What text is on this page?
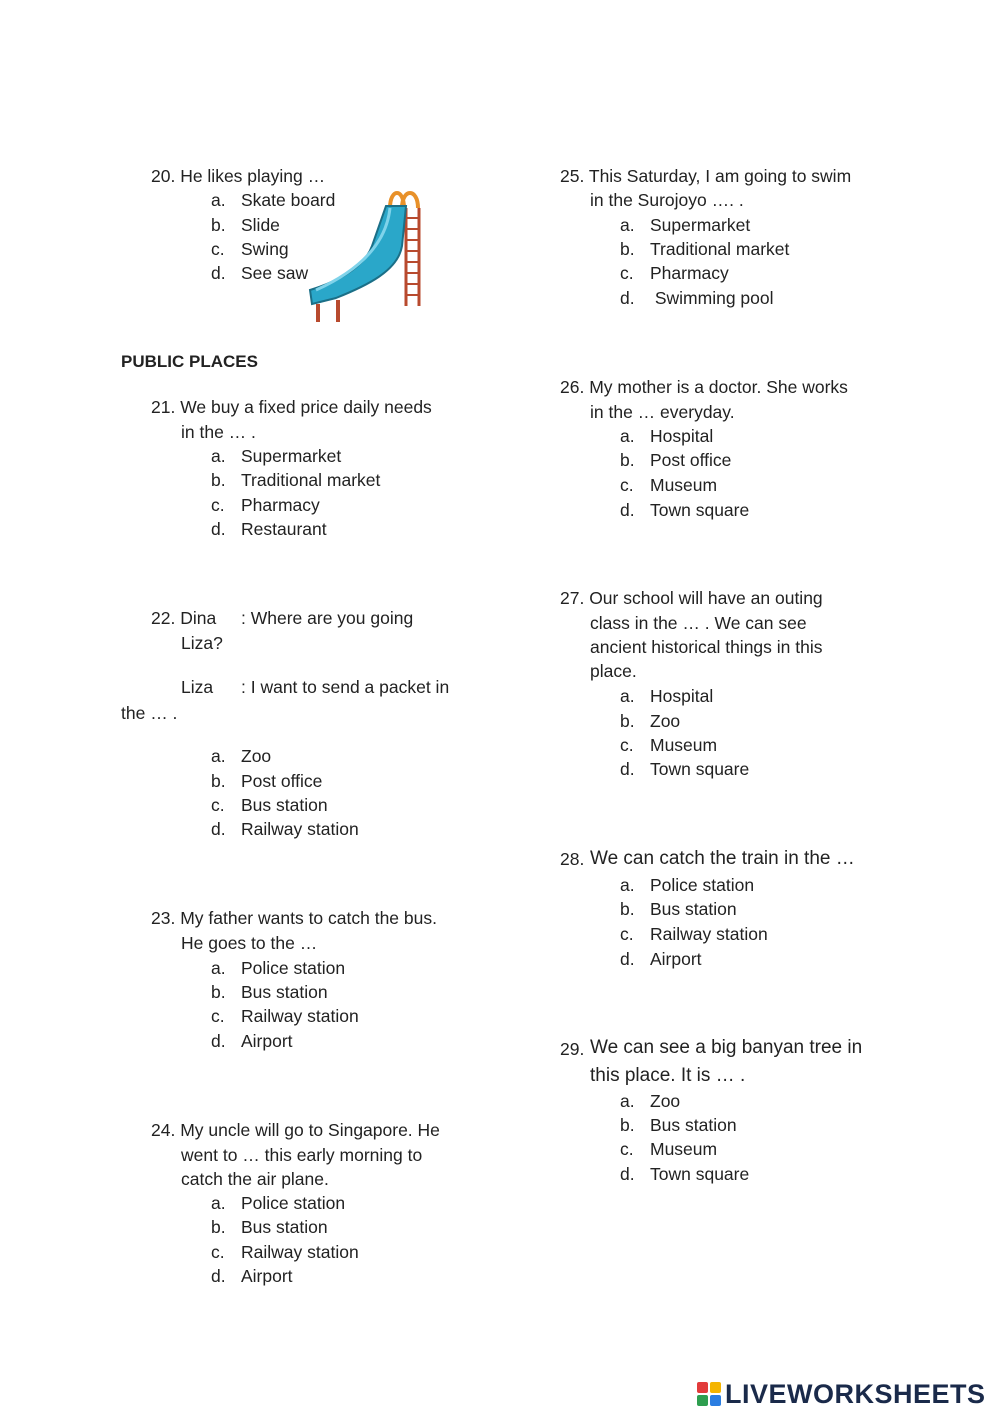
20. He likes playing …
a. Skate board
b. Slide
c. Swing
d. See saw
PUBLIC PLACES
21. We buy a fixed price daily needs
in the … .
a. Supermarket
b. Traditional market
c. Pharmacy
d. Restaurant
22. Dina : Where are you going
Liza?
Liza : I want to send a packet in
the … .
a. Zoo
b. Post office
c. Bus station
d. Railway station
23. My father wants to catch the bus.
He goes to the …
a. Police station
b. Bus station
c. Railway station
d. Airport
24. My uncle will go to Singapore. He
went to … this early morning to
catch the air plane.
a. Police station
b. Bus station
c. Railway station
d. Airport
25. This Saturday, I am going to swim
in the Surojoyo …. .
a. Supermarket
b. Traditional market
c. Pharmacy
d. Swimming pool
26. My mother is a doctor. She works
in the … everyday.
a. Hospital
b. Post office
c. Museum
d. Town square
27. Our school will have an outing
class in the … . We can see
ancient historical things in this
place.
a. Hospital
b. Zoo
c. Museum
d. Town square
28. We can catch the train in the …
a. Police station
b. Bus station
c. Railway station
d. Airport
29. We can see a big banyan tree in
this place. It is … .
a. Zoo
b. Bus station
c. Museum
d. Town square
LIVEWORKSHEETS
